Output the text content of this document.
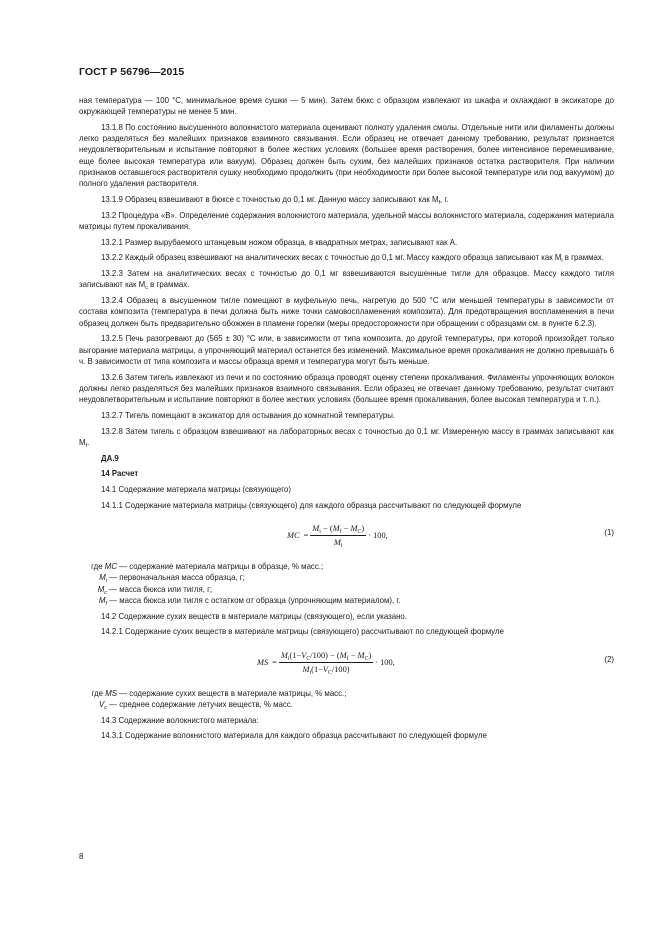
ГОСТ Р 56796—2015

ная температура — 100 °С, минимальное время сушки — 5 мин). Затем бюкс с образцом извлекают из шкафа и охлаждают в эксикаторе до окружающей температуры не менее 5 мин.

13.1.8 По состоянию высушенного волокнистого материала оценивают полноту удаления смолы. Отдельные нити или филаменты должны легко разделяться без малейших признаков взаимного связывания. Если образец не отвечает данному требованию, результат признается неудовлетворительным и испытание повторяют в более жестких условиях (большее время растворения, более интенсивное перемешивание, еще более высокая температура или вакуум). Образец должен быть сухим, без малейших признаков остатка растворителя. При наличии признаков оставшегося растворителя сушку необходимо продолжить (при необходимости при более высокой температуре или под вакуумом) до полного удаления растворителя.

13.1.9 Образец взвешивают в бюксе с точностью до 0,1 мг. Данную массу записывают как $M_f$, г.

13.2 Процедура «В». Определение содержания волокнистого материала, удельной массы волокнистого материала, содержания материала матрицы путем прокаливания.

13.2.1 Размер вырубаемого штанцевым ножом образца, в квадратных метрах, записывают как А.

13.2.2 Каждый образец взвешивают на аналитических весах с точностью до 0,1 мг. Массу каждого образца записывают как $M_i$ в граммах.

13.2.3 Затем на аналитических весах с точностью до 0,1 мг взвешиваются высушенные тигли для образцов. Массу каждого тигля записывают как $M_c$ в граммах.

13.2.4 Образец в высушенном тигле помещают в муфельную печь, нагретую до 500 °С или меньшей температуры в зависимости от состава композита (температура в печи должна быть ниже точки самовоспламенения композита). Для предотвращения воспламенения в печи образец должен быть предварительно обожжен в пламени горелки (меры предосторожности при обращении с образцами см. в пункте 6.2.3).

13.2.5 Печь разогревают до (565 ± 30) °С или, в зависимости от типа композита, до другой температуры, при которой произойдет только выгорание материала матрицы, а упрочняющий материал останется без изменений. Максимальное время прокаливания не должно превышать 6 ч. В зависимости от типа композита и массы образца время и температура могут быть меньше.

13.2.6 Затем тигель извлекают из печи и по состоянию образца проводят оценку степени прокаливания. Филаменты упрочняющих волокон должны легко разделяться без малейших признаков взаимного связывания. Если образец не отвечает данному требованию, результат считают неудовлетворительным и испытание повторяют в более жестких условиях (большее время прокаливания, более высокая температура и т. п.).

13.2.7 Тигель помещают в эксикатор для остывания до комнатной температуры.

13.2.8 Затем тигель с образцом взвешивают на лабораторных весах с точностью до 0,1 мг. Измеренную массу в граммах записывают как $M_f$.

ДА.9

14 Расчет

14.1 Содержание материала матрицы (связующего)

14.1.1 Содержание материала матрицы (связующего) для каждого образца рассчитывают по следующей формуле

MC = $\frac{M_i - (M_f - M_C)}{M_i} \cdot 100$,	(1)

где MC — содержание материала матрицы в образце, % масс.;

$M_i$ — первоначальная масса образца, г;

$M_c$ — масса бюкса или тигля, г;

$M_f$ — масса бюкса или тигля с остатком от образца (упрочняющим материалом), г.

14.2 Содержание сухих веществ в материале матрицы (связующего), если указано.

14.2.1 Содержание сухих веществ в материале матрицы (связующего) рассчитывают по следующей формуле

MS = $\frac{M_i(1-V_C/100) - (M_f - M_C)}{M_i(1-V_C/100)} \cdot 100$,	(2)

где MS — содержание сухих веществ в материале матрицы, % масс.;

$V_c$ — среднее содержание летучих веществ, % масс.

14.3 Содержание волокнистого материала:

14.3.1 Содержание волокнистого материала для каждого образца рассчитывают по следующей формуле

8
